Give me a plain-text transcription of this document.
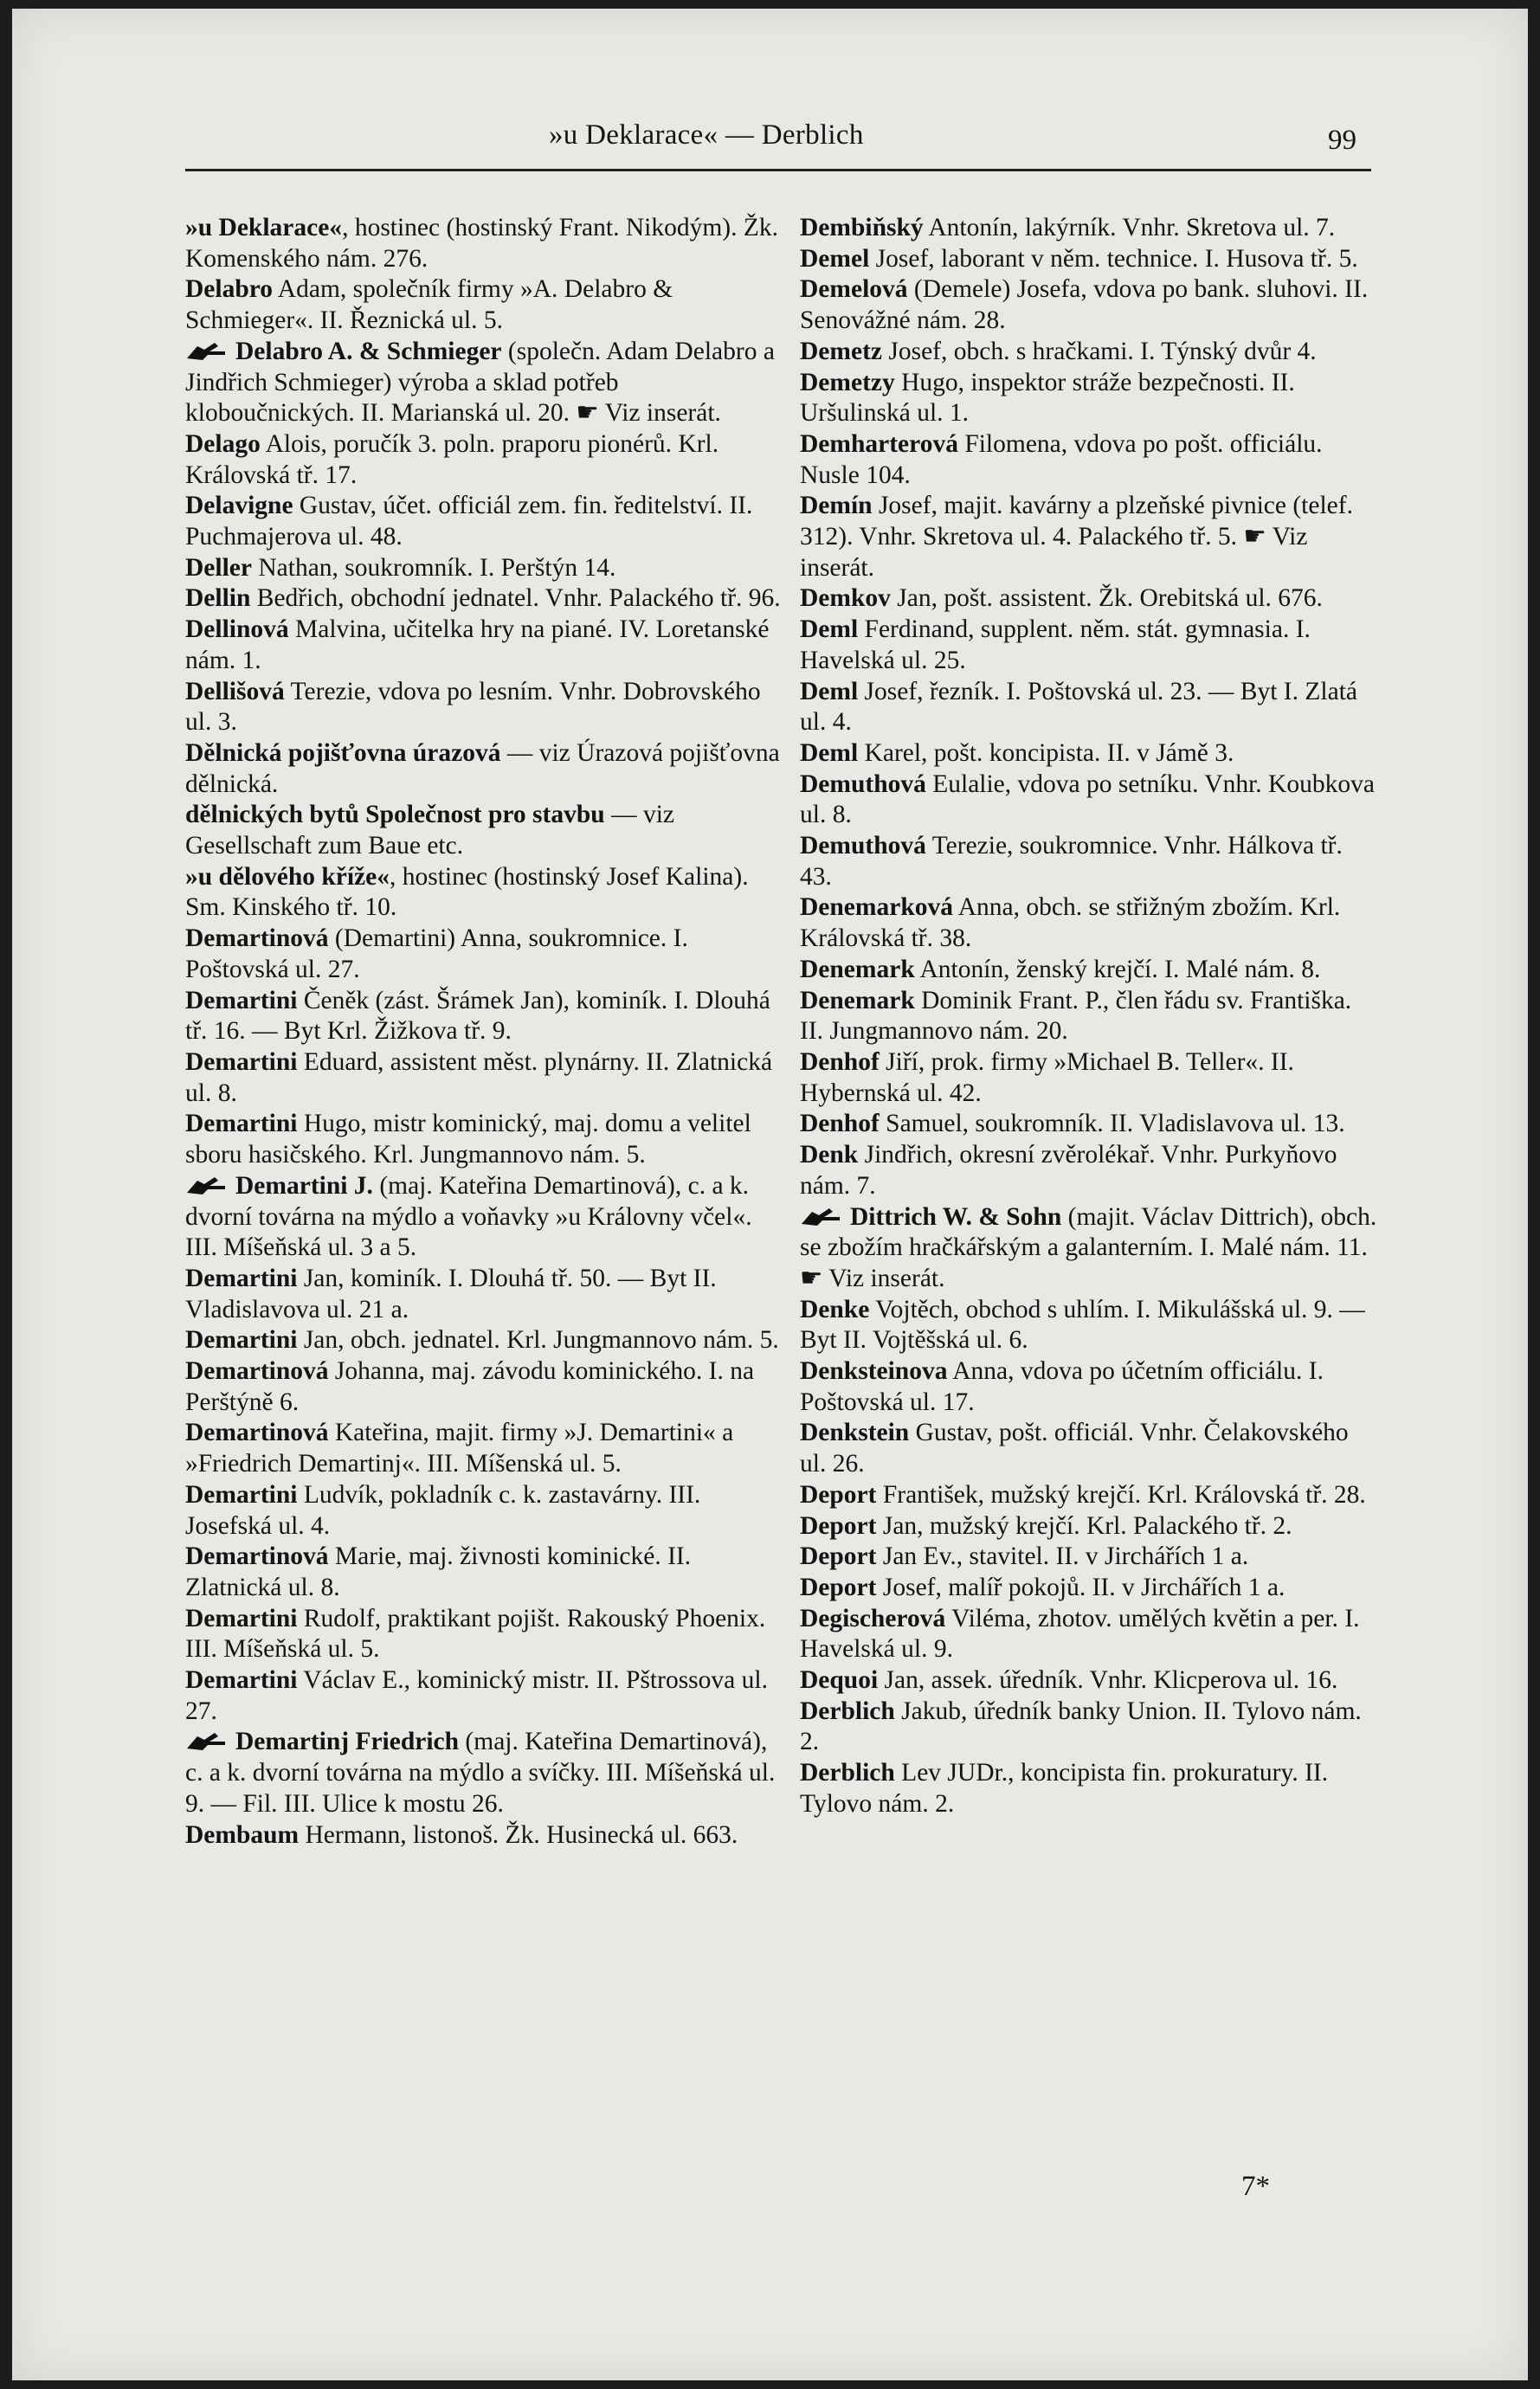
»u Deklarace« — Derblich	99
»u Deklarace«, hostinec (hostinský Frant. Nikodým). Žk. Komenského nám. 276.
Delabro Adam, společník firmy »A. Delabro & Schmieger«. II. Řeznická ul. 5.
Delabro A. & Schmieger (společn. Adam Delabro a Jindřich Schmieger) výroba a sklad potřeb kloboučnických. II. Marianská ul. 20. ☛ Viz inserát.
Delago Alois, poručík 3. poln. praporu pionérů. Krl. Královská tř. 17.
Delavigne Gustav, účet. officiál zem. fin. ředitelství. II. Puchmajerova ul. 48.
Deller Nathan, soukromník. I. Perštýn 14.
Dellin Bedřich, obchodní jednatel. Vnhr. Palackého tř. 96.
Dellinová Malvina, učitelka hry na piané. IV. Loretanské nám. 1.
Dellišová Terezie, vdova po lesním. Vnhr. Dobrovského ul. 3.
Dělnická pojišťovna úrazová — viz Úrazová pojišťovna dělnická.
dělnických bytů Společnost pro stavbu — viz Gesellschaft zum Baue etc.
»u dělového kříže«, hostinec (hostinský Josef Kalina). Sm. Kinského tř. 10.
Demartinová (Demartini) Anna, soukromnice. I. Poštovská ul. 27.
Demartini Čeněk (zást. Šrámek Jan), kominík. I. Dlouhá tř. 16. — Byt Krl. Žižkova tř. 9.
Demartini Eduard, assistent měst. plynárny. II. Zlatnická ul. 8.
Demartini Hugo, mistr kominický, maj. domu a velitel sboru hasičského. Krl. Jungmannovo nám. 5.
Demartini J. (maj. Kateřina Demartinová), c. a k. dvorní továrna na mýdlo a voňavky »u Královny včel«. III. Míšeňská ul. 3 a 5.
Demartini Jan, kominík. I. Dlouhá tř. 50. — Byt II. Vladislavova ul. 21 a.
Demartini Jan, obch. jednatel. Krl. Jungmannovo nám. 5.
Demartinová Johanna, maj. závodu kominického. I. na Perštýně 6.
Demartinová Kateřina, majit. firmy »J. Demartini« a »Friedrich Demartinj«. III. Míšenská ul. 5.
Demartini Ludvík, pokladník c. k. zastavárny. III. Josefská ul. 4.
Demartinová Marie, maj. živnosti kominické. II. Zlatnická ul. 8.
Demartini Rudolf, praktikant pojišt. Rakouský Phoenix. III. Míšeňská ul. 5.
Demartini Václav E., kominický mistr. II. Pštrossova ul. 27.
Demartinj Friedrich (maj. Kateřina Demartinová), c. a k. dvorní továrna na mýdlo a svíčky. III. Míšeňská ul. 9. — Fil. III. Ulice k mostu 26.
Dembaum Hermann, listonoš. Žk. Husinecká ul. 663.
Dembiňský Antonín, lakýrník. Vnhr. Skretova ul. 7.
Demel Josef, laborant v něm. technice. I. Husova tř. 5.
Demelová (Demele) Josefa, vdova po bank. sluhovi. II. Senovážné nám. 28.
Demetz Josef, obch. s hračkami. I. Týnský dvůr 4.
Demetzy Hugo, inspektor stráže bezpečnosti. II. Uršulinská ul. 1.
Demharterová Filomena, vdova po pošt. officiálu. Nusle 104.
Demín Josef, majit. kavárny a plzeňské pivnice (telef. 312). Vnhr. Skretova ul. 4. Palackého tř. 5. ☛ Viz inserát.
Demkov Jan, pošt. assistent. Žk. Orebitská ul. 676.
Deml Ferdinand, supplent. něm. stát. gymnasia. I. Havelská ul. 25.
Deml Josef, řezník. I. Poštovská ul. 23. — Byt I. Zlatá ul. 4.
Deml Karel, pošt. koncipista. II. v Jámě 3.
Demuthová Eulalie, vdova po setníku. Vnhr. Koubkova ul. 8.
Demuthová Terezie, soukromnice. Vnhr. Hálkova tř. 43.
Denemarková Anna, obch. se střižným zbožím. Krl. Královská tř. 38.
Denemark Antonín, ženský krejčí. I. Malé nám. 8.
Denemark Dominik Frant. P., člen řádu sv. Františka. II. Jungmannovo nám. 20.
Denhof Jiří, prok. firmy »Michael B. Teller«. II. Hybernská ul. 42.
Denhof Samuel, soukromník. II. Vladislavova ul. 13.
Denk Jindřich, okresní zvěrolékař. Vnhr. Purkyňovo nám. 7.
Dittrich W. & Sohn (majit. Václav Dittrich), obch. se zbožím hračkářským a galanterním. I. Malé nám. 11. ☛ Viz inserát.
Denke Vojtěch, obchod s uhlím. I. Mikulášská ul. 9. — Byt II. Vojtěšská ul. 6.
Denksteinova Anna, vdova po účetním officiálu. I. Poštovská ul. 17.
Denkstein Gustav, pošt. officiál. Vnhr. Čelakovského ul. 26.
Deport František, mužský krejčí. Krl. Královská tř. 28.
Deport Jan, mužský krejčí. Krl. Palackého tř. 2.
Deport Jan Ev., stavitel. II. v Jirchářích 1 a.
Deport Josef, malíř pokojů. II. v Jirchářích 1 a.
Degischerová Viléma, zhotov. umělých květin a per. I. Havelská ul. 9.
Dequoi Jan, assek. úředník. Vnhr. Klicperova ul. 16.
Derblich Jakub, úředník banky Union. II. Tylovo nám. 2.
Derblich Lev JUDr., koncipista fin. prokuratury. II. Tylovo nám. 2.
7*
